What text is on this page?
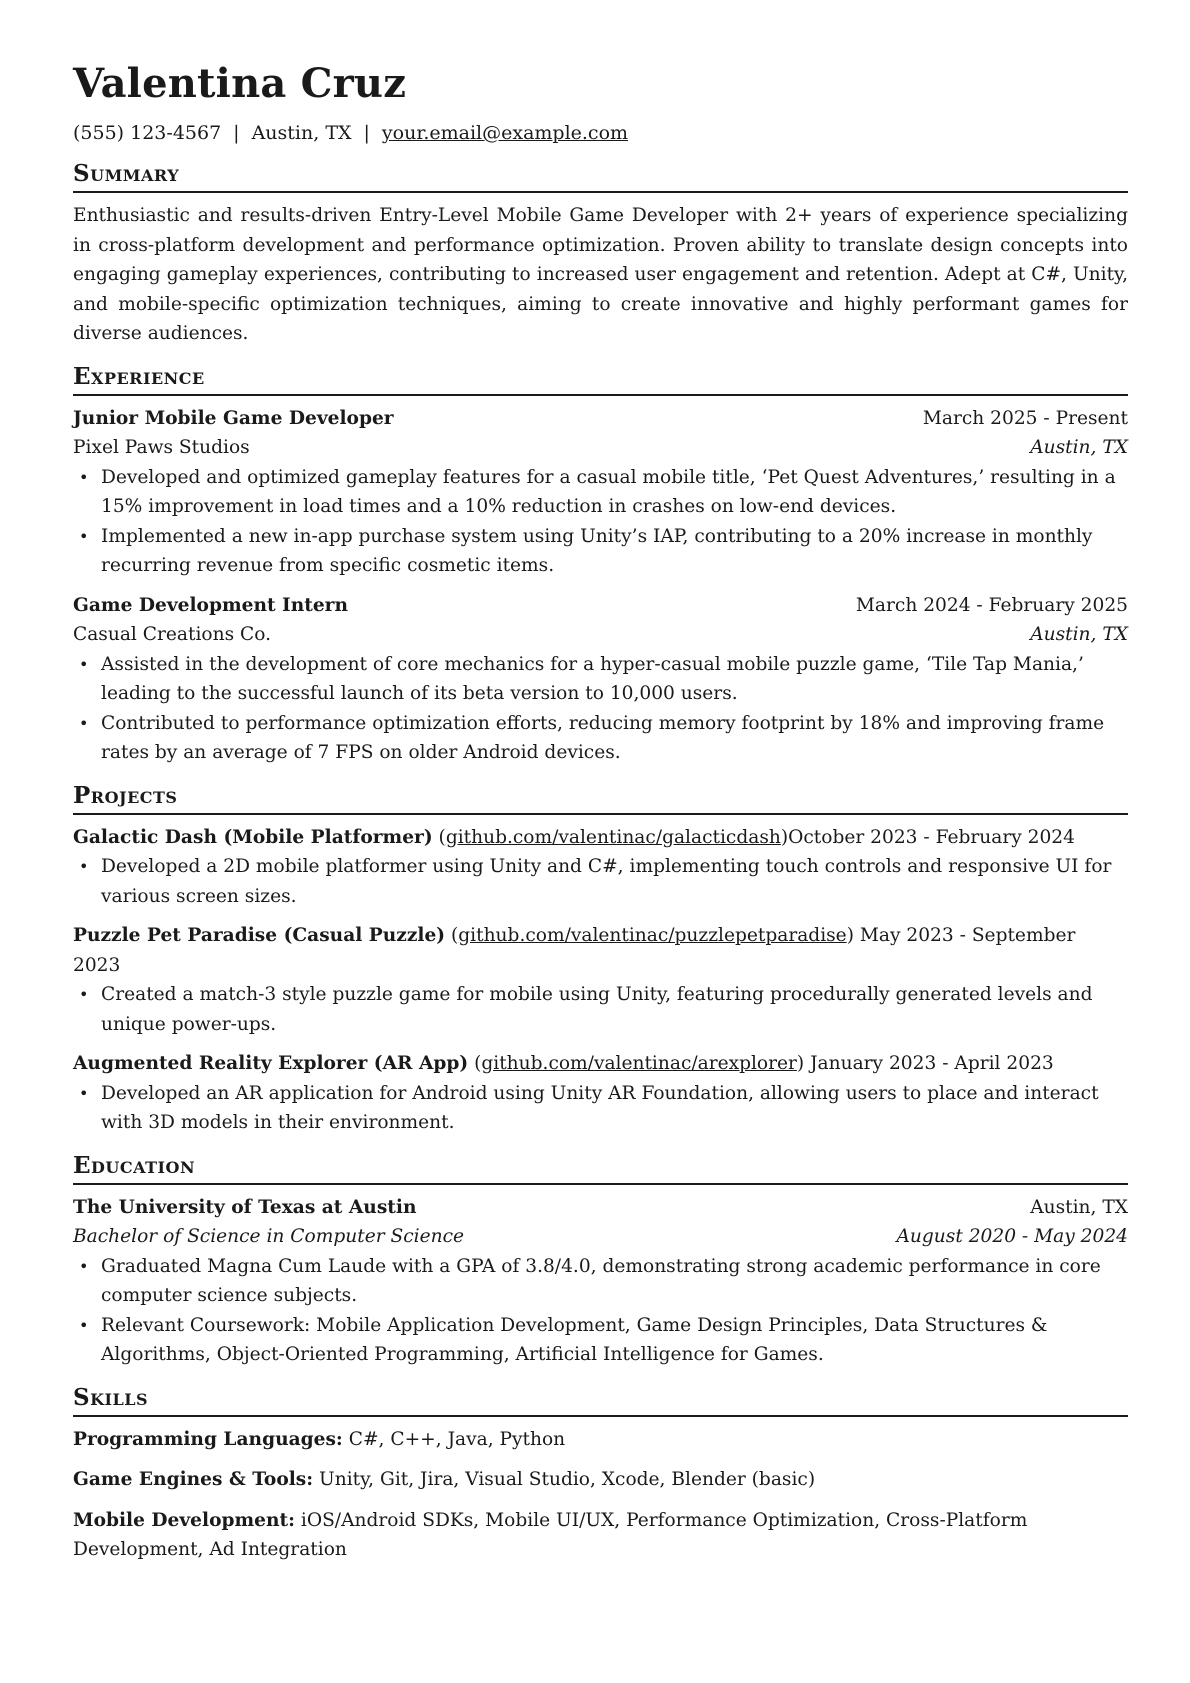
Valentina Cruz
(555) 123-4567 | Austin, TX | your.email@example.com
Summary

Enthusiastic and results-driven Entry-Level Mobile Game Developer with 2+ years of experience specializing in cross-platform development and performance optimization. Proven ability to translate design concepts into engaging gameplay experiences, contributing to increased user engagement and retention. Adept at C#, Unity, and mobile-specific optimization techniques, aiming to create innovative and highly performant games for diverse audiences.

Experience
Junior Mobile Game Developer	March 2025 - Present
Pixel Paws Studios	Austin, TX
• Developed and optimized gameplay features for a casual mobile title, ‘Pet Quest Adventures,’ resulting in a 15% improvement in load times and a 10% reduction in crashes on low-end devices.
• Implemented a new in-app purchase system using Unity’s IAP, contributing to a 20% increase in monthly recurring revenue from specific cosmetic items.
Game Development Intern	March 2024 - February 2025
Casual Creations Co.	Austin, TX
• Assisted in the development of core mechanics for a hyper-casual mobile puzzle game, ‘Tile Tap Mania,’ leading to the successful launch of its beta version to 10,000 users.
• Contributed to performance optimization efforts, reducing memory footprint by 18% and improving frame rates by an average of 7 FPS on older Android devices.
Projects
Galactic Dash (Mobile Platformer) (github.com/valentinac/galacticdash)October 2023 - February 2024
• Developed a 2D mobile platformer using Unity and C#, implementing touch controls and responsive UI for various screen sizes.
Puzzle Pet Paradise (Casual Puzzle) (github.com/valentinac/puzzlepetparadise) May 2023 - September 2023
• Created a match-3 style puzzle game for mobile using Unity, featuring procedurally generated levels and unique power-ups.
Augmented Reality Explorer (AR App) (github.com/valentinac/arexplorer) January 2023 - April 2023
• Developed an AR application for Android using Unity AR Foundation, allowing users to place and interact with 3D models in their environment.
Education
The University of Texas at Austin	Austin, TX
Bachelor of Science in Computer Science	August 2020 - May 2024
• Graduated Magna Cum Laude with a GPA of 3.8/4.0, demonstrating strong academic performance in core computer science subjects.
• Relevant Coursework: Mobile Application Development, Game Design Principles, Data Structures & Algorithms, Object-Oriented Programming, Artificial Intelligence for Games.
Skills
Programming Languages: C#, C++, Java, Python
Game Engines & Tools: Unity, Git, Jira, Visual Studio, Xcode, Blender (basic)
Mobile Development: iOS/Android SDKs, Mobile UI/UX, Performance Optimization, Cross-Platform Development, Ad Integration
